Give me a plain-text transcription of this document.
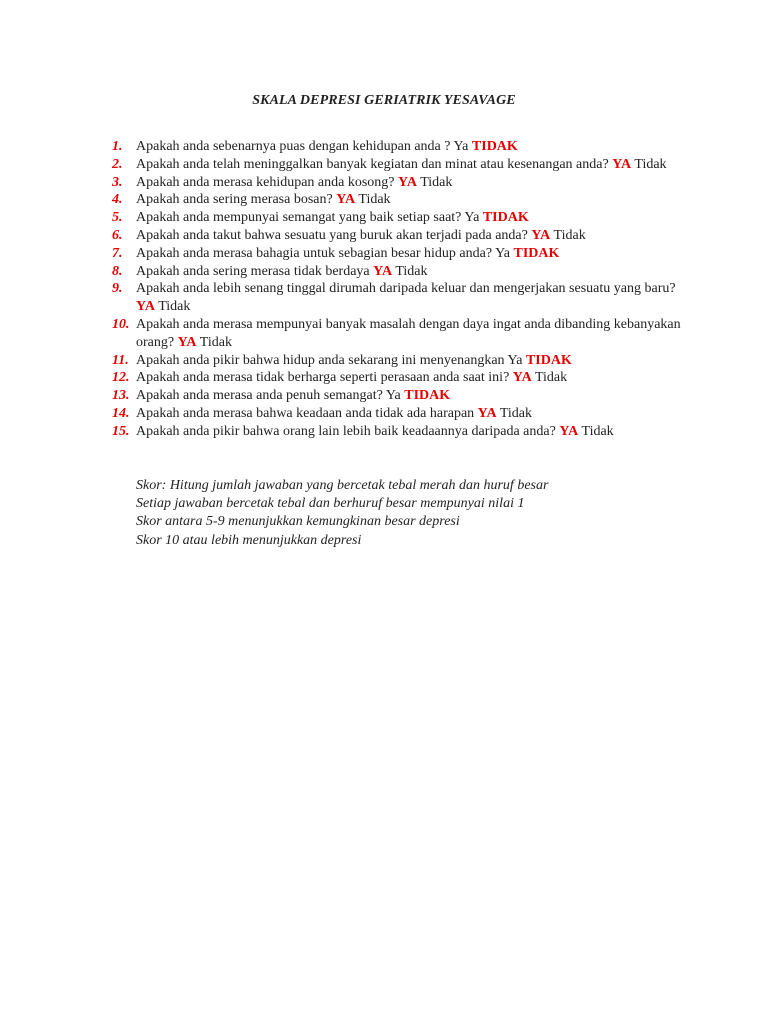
SKALA DEPRESI GERIATRIK YESAVAGE
1. Apakah anda sebenarnya puas dengan kehidupan anda ? Ya TIDAK
2. Apakah anda telah meninggalkan banyak kegiatan dan minat atau kesenangan anda? YA Tidak
3. Apakah anda merasa kehidupan anda kosong? YA Tidak
4. Apakah anda sering merasa bosan? YA Tidak
5. Apakah anda mempunyai semangat yang baik setiap saat? Ya TIDAK
6. Apakah anda takut bahwa sesuatu yang buruk akan terjadi pada anda? YA Tidak
7. Apakah anda merasa bahagia untuk sebagian besar hidup anda? Ya TIDAK
8. Apakah anda sering merasa tidak berdaya YA Tidak
9. Apakah anda lebih senang tinggal dirumah daripada keluar dan mengerjakan sesuatu yang baru? YA Tidak
10. Apakah anda merasa mempunyai banyak masalah dengan daya ingat anda dibanding kebanyakan orang? YA Tidak
11. Apakah anda pikir bahwa hidup anda sekarang ini menyenangkan Ya TIDAK
12. Apakah anda merasa tidak berharga seperti perasaan anda saat ini? YA Tidak
13. Apakah anda merasa anda penuh semangat? Ya TIDAK
14. Apakah anda merasa bahwa keadaan anda tidak ada harapan YA Tidak
15. Apakah anda pikir bahwa orang lain lebih baik keadaannya daripada anda? YA Tidak
Skor: Hitung jumlah jawaban yang bercetak tebal merah dan huruf besar
Setiap jawaban bercetak tebal dan berhuruf besar mempunyai nilai 1
Skor antara 5-9 menunjukkan kemungkinan besar depresi
Skor 10 atau lebih menunjukkan depresi
